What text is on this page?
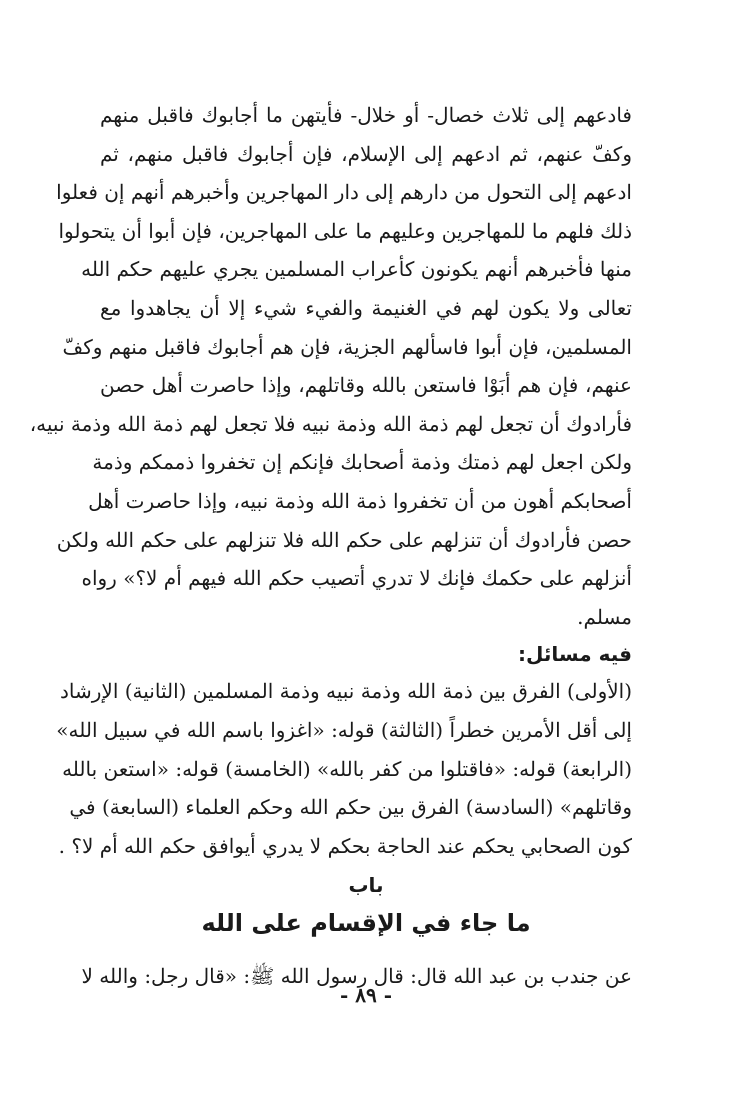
فادعهم إلى ثلاث خصال- أو خلال- فأيتهن ما أجابوك فاقبل منهم
وكفّ عنهم، ثم ادعهم إلى الإسلام، فإن أجابوك فاقبل منهم، ثم
ادعهم إلى التحول من دارهم إلى دار المهاجرين وأخبرهم أنهم إن فعلوا
ذلك فلهم ما للمهاجرين وعليهم ما على المهاجرين، فإن أبوا أن يتحولوا
منها فأخبرهم أنهم يكونون كأعراب المسلمين يجري عليهم حكم الله
تعالى ولا يكون لهم في الغنيمة والفيء شيء إلا أن يجاهدوا مع
المسلمين، فإن أبوا فاسألهم الجزية، فإن هم أجابوك فاقبل منهم وكفّ
عنهم، فإن هم أبَوْا فاستعن بالله وقاتلهم، وإذا حاصرت أهل حصن
فأرادوك أن تجعل لهم ذمة الله وذمة نبيه فلا تجعل لهم ذمة الله وذمة نبيه،
ولكن اجعل لهم ذمتك وذمة أصحابك فإنكم إن تخفروا ذممكم وذمة
أصحابكم أهون من أن تخفروا ذمة الله وذمة نبيه، وإذا حاصرت أهل
حصن فأرادوك أن تنزلهم على حكم الله فلا تنزلهم على حكم الله ولكن
أنزلهم على حكمك فإنك لا تدري أتصيب حكم الله فيهم أم لا؟» رواه
مسلم.
فيه مسائل:
(الأولى) الفرق بين ذمة الله وذمة نبيه وذمة المسلمين (الثانية) الإرشاد
إلى أقل الأمرين خطراً (الثالثة) قوله: «اغزوا باسم الله في سبيل الله»
(الرابعة) قوله: «فاقتلوا من كفر بالله» (الخامسة) قوله: «استعن بالله
وقاتلهم» (السادسة) الفرق بين حكم الله وحكم العلماء (السابعة) في
كون الصحابي يحكم عند الحاجة بحكم لا يدري أيوافق حكم الله أم لا؟ .
باب
ما جاء في الإقسام على الله
عن جندب بن عبد الله قال: قال رسول الله ﷺ: «قال رجل: والله لا
- ٨٩ -
